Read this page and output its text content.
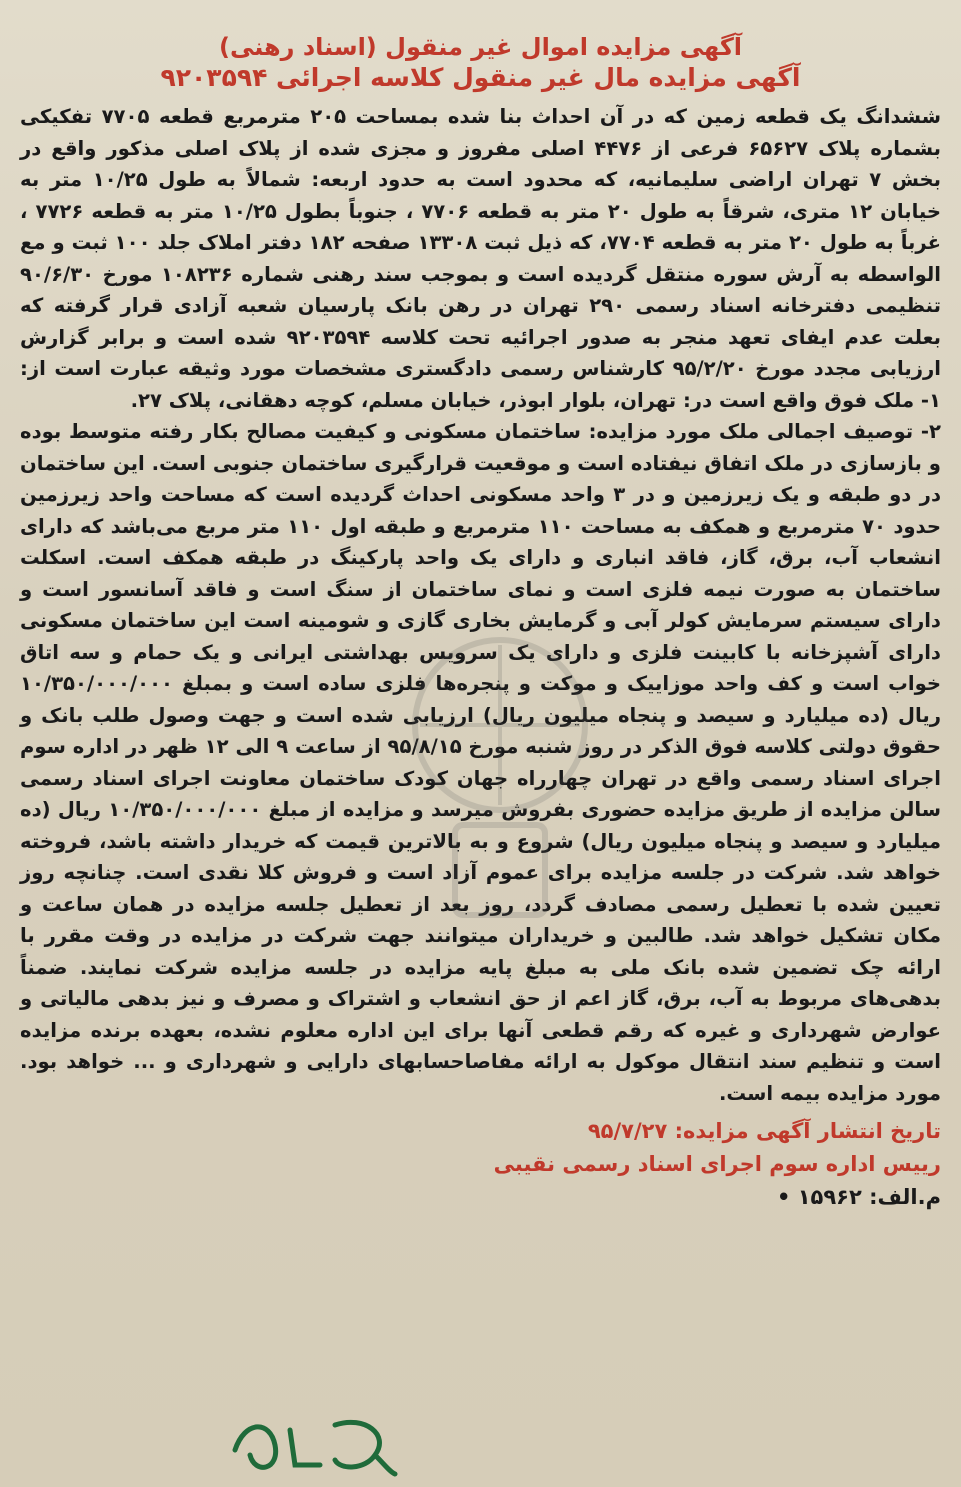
آگهی مزایده اموال غیر منقول (اسناد رهنی)
آگهی مزایده مال غیر منقول کلاسه اجرائی ۹۲۰۳۵۹۴

ششدانگ یک قطعه زمین که در آن احداث بنا شده بمساحت ۲۰۵ مترمربع قطعه ۷۷۰۵ تفکیکی بشماره پلاک ۶۵۶۲۷ فرعی از ۴۴۷۶ اصلی مفروز و مجزی شده از پلاک اصلی مذکور واقع در بخش ۷ تهران اراضی سلیمانیه، که محدود است به حدود اربعه: شمالاً به طول ۱۰/۲۵ متر به خیابان ۱۲ متری، شرقاً به طول ۲۰ متر به قطعه ۷۷۰۶ ، جنوباً بطول ۱۰/۲۵ متر به قطعه ۷۷۲۶ ، غرباً به طول ۲۰ متر به قطعه ۷۷۰۴، که ذیل ثبت ۱۳۳۰۸ صفحه ۱۸۲ دفتر املاک جلد ۱۰۰ ثبت و مع الواسطه به آرش سوره منتقل گردیده است و بموجب سند رهنی شماره ۱۰۸۲۳۶ مورخ ۹۰/۶/۳۰ تنظیمی دفترخانه اسناد رسمی ۲۹۰ تهران در رهن بانک پارسیان شعبه آزادی قرار گرفته که بعلت عدم ایفای تعهد منجر به صدور اجرائیه تحت کلاسه ۹۲۰۳۵۹۴ شده است و برابر گزارش ارزیابی مجدد مورخ ۹۵/۲/۲۰ کارشناس رسمی دادگستری مشخصات مورد وثیقه عبارت است از: ۱- ملک فوق واقع است در: تهران، بلوار ابوذر، خیابان مسلم، کوچه دهقانی، پلاک ۲۷.

۲- توصیف اجمالی ملک مورد مزایده: ساختمان مسکونی و کیفیت مصالح بکار رفته متوسط بوده و بازسازی در ملک اتفاق نیفتاده است و موقعیت قرارگیری ساختمان جنوبی است. این ساختمان در دو طبقه و یک زیرزمین و در ۳ واحد مسکونی احداث گردیده است که مساحت واحد زیرزمین حدود ۷۰ مترمربع و همکف به مساحت ۱۱۰ مترمربع و طبقه اول ۱۱۰ متر مربع می‌باشد که دارای انشعاب آب، برق، گاز، فاقد انباری و دارای یک واحد پارکینگ در طبقه همکف است. اسکلت ساختمان به صورت نیمه فلزی است و نمای ساختمان از سنگ است و فاقد آسانسور است و دارای سیستم سرمایش کولر آبی و گرمایش بخاری گازی و شومینه است این ساختمان مسکونی دارای آشپزخانه با کابینت فلزی و دارای یک سرویس بهداشتی ایرانی و یک حمام و سه اتاق خواب است و کف واحد موزاییک و موکت و پنجره‌ها فلزی ساده است و بمبلغ ۱۰/۳۵۰/۰۰۰/۰۰۰ ریال (ده میلیارد و سیصد و پنجاه میلیون ریال) ارزیابی شده است و جهت وصول طلب بانک و حقوق دولتی کلاسه فوق الذکر در روز شنبه مورخ ۹۵/۸/۱۵ از ساعت ۹ الی ۱۲ ظهر در اداره سوم اجرای اسناد رسمی واقع در تهران چهارراه جهان کودک ساختمان معاونت اجرای اسناد رسمی سالن مزایده از طریق مزایده حضوری بفروش میرسد و مزایده از مبلغ ۱۰/۳۵۰/۰۰۰/۰۰۰ ریال (ده میلیارد و سیصد و پنجاه میلیون ریال) شروع و به بالاترین قیمت که خریدار داشته باشد، فروخته خواهد شد. شرکت در جلسه مزایده برای عموم آزاد است و فروش کلا نقدی است. چنانچه روز تعیین شده با تعطیل رسمی مصادف گردد، روز بعد از تعطیل جلسه مزایده در همان ساعت و مکان تشکیل خواهد شد. طالبین و خریداران میتوانند جهت شرکت در مزایده در وقت مقرر با ارائه چک تضمین شده بانک ملی به مبلغ پایه مزایده در جلسه مزایده شرکت نمایند. ضمناً بدهی‌های مربوط به آب، برق، گاز اعم از حق انشعاب و اشتراک و مصرف و نیز بدهی مالیاتی و عوارض شهرداری و غیره که رقم قطعی آنها برای این اداره معلوم نشده، بعهده برنده مزایده است و تنظیم سند انتقال موکول به ارائه مفاصاحسابهای دارایی و شهرداری و ... خواهد بود. مورد مزایده بیمه است.

تاریخ انتشار آگهی مزایده: ۹۵/۷/۲۷

رییس اداره سوم اجرای اسناد رسمی نقیبی

م.الف: ۱۵۹۶۲ •
